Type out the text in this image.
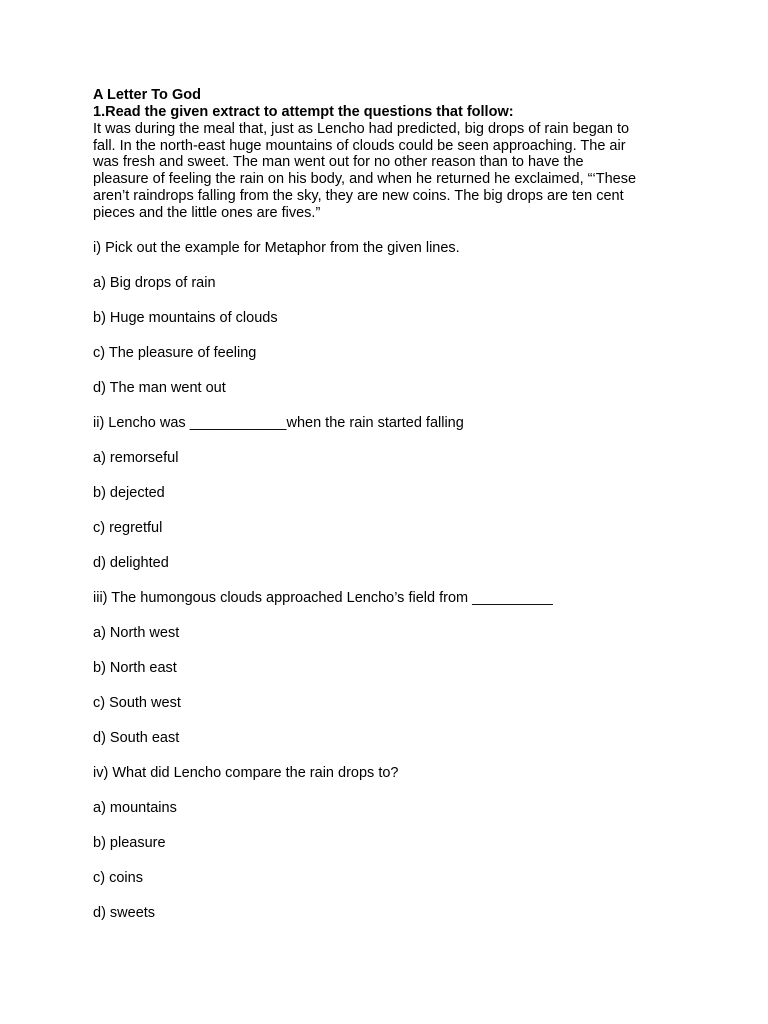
A Letter To God

1.Read the given extract to attempt the questions that follow:

It was during the meal that, just as Lencho had predicted, big drops of rain began to

fall. In the north-east huge mountains of clouds could be seen approaching. The air

was fresh and sweet. The man went out for no other reason than to have the

pleasure of feeling the rain on his body, and when he returned he exclaimed, “‘These

aren’t raindrops falling from the sky, they are new coins. The big drops are ten cent

pieces and the little ones are fives.”

i) Pick out the example for Metaphor from the given lines.

a) Big drops of rain

b) Huge mountains of clouds

c) The pleasure of feeling

d) The man went out

ii) Lencho was ____________when the rain started falling

a) remorseful

b) dejected

c) regretful

d) delighted

iii) The humongous clouds approached Lencho’s field from __________

a) North west

b) North east

c) South west

d) South east

iv) What did Lencho compare the rain drops to?

a) mountains

b) pleasure

c) coins

d) sweets
